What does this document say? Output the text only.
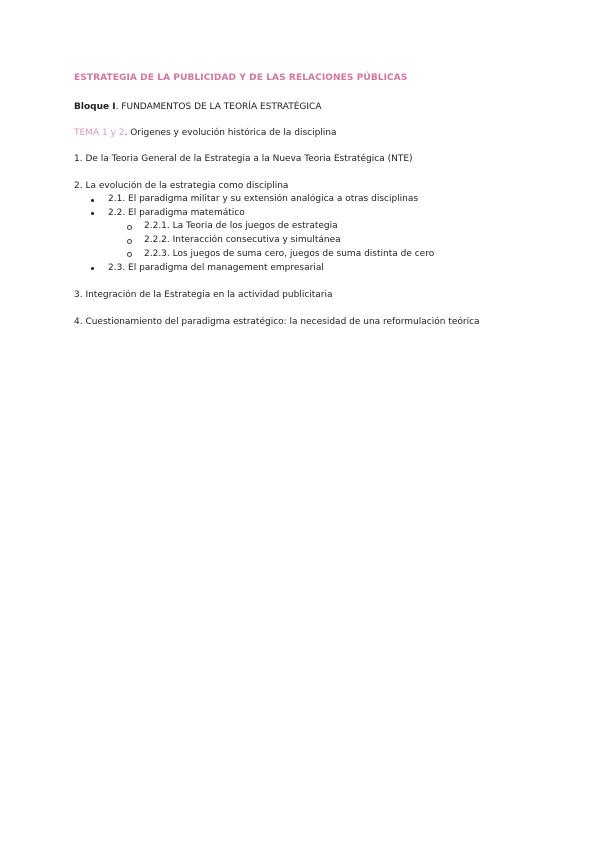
ESTRATEGIA DE LA PUBLICIDAD Y DE LAS RELACIONES PÚBLICAS

Bloque I. FUNDAMENTOS DE LA TEORÍA ESTRATÉGICA

TEMA 1 y 2. Origenes y evolución histórica de la disciplina

1. De la Teoria General de la Estrategia a la Nueva Teoria Estratégica (NTE)

2. La evolución de la estrategia como disciplina

2.1. El paradigma militar y su extensión analógica a otras disciplinas
2.2. El paradigma matemático
2.2.1. La Teoria de los juegos de estrategia
2.2.2. Interacción consecutiva y simultánea
2.2.3. Los juegos de suma cero, juegos de suma distinta de cero
2.3. El paradigma del management empresarial

3. Integración de la Estrategia en la actividad publicitaria

4. Cuestionamiento del paradigma estratégico: la necesidad de una reformulación teórica
